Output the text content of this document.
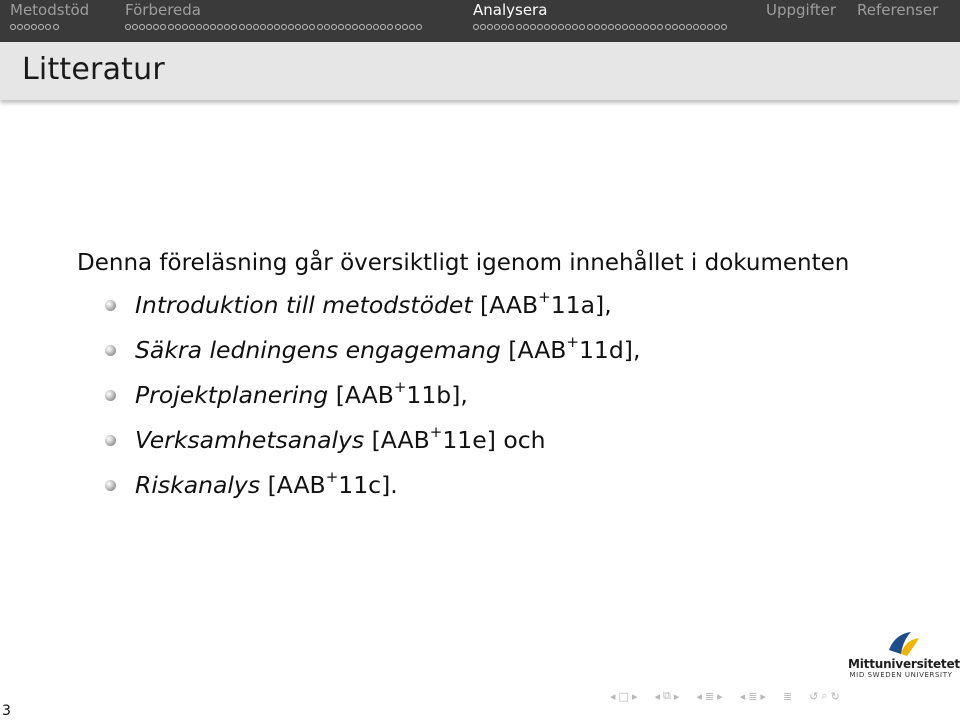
Metodstöd Förbereda	Analysera	Uppgifter Referenser
Litteratur
Denna föreläsning går översiktligt igenom innehållet i dokumenten
Introduktion till metodstödet [AAB+11a],
Säkra ledningens engagemang [AAB+11d],
Projektplanering [AAB+11b],
Verksamhetsanalys [AAB+11e] och
Riskanalys [AAB+11c].
Mittuniversitetet
MID SWEDEN UNIVERSITY
◂ □ ▸ ◂ ⧉ ▸ ◂ ≣ ▸ ◂ ≣ ▸ ≣ ↺ ⌕ ↻
3
